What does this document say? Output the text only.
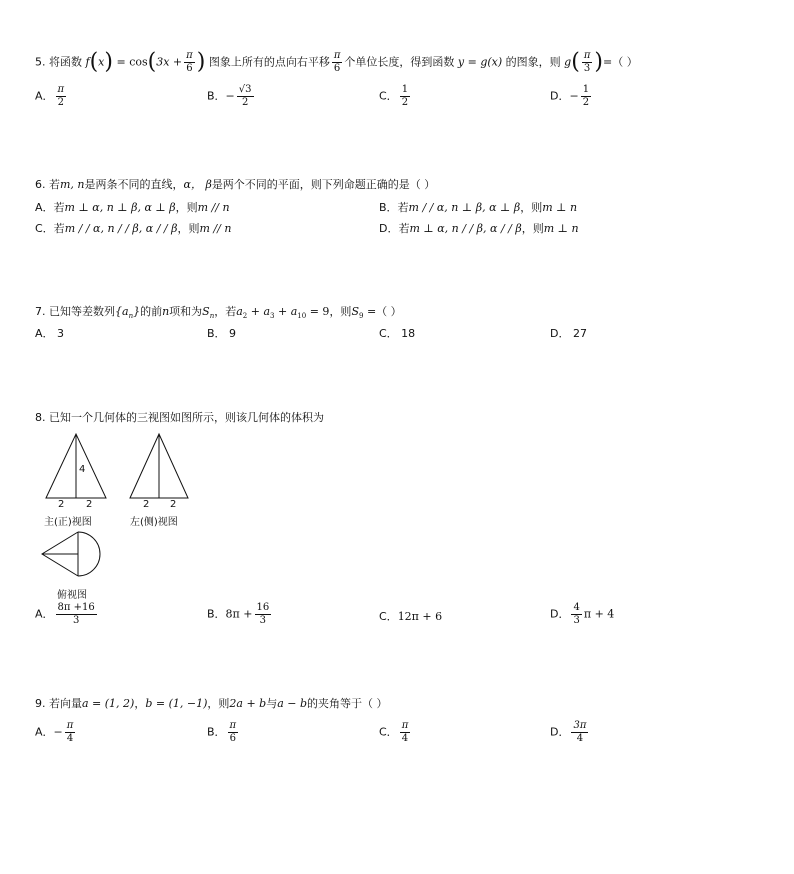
5. 将函数 $f(x) = \cos(3x + \frac{\pi}{6}$ ) 图象上所有的点向右平移 $\frac{\pi}{6}$ 个单位长度，得到函数 y = g(x) 的图象，则 $g( \frac{\pi}{3}$ )=（ ）
A． $\frac{\pi}{2}$	B．− $\frac{√3}{2}$	C． $\frac{1}{2}$	D．− $\frac{1}{2}$
6. 若m, n是两条不同的直线，α， β是两个不同的平面，则下列命题正确的是（ ）
A．若m ⊥ α, n ⊥ β, α ⊥ β，则m // n	B．若m / / α, n ⊥ β, α ⊥ β，则m ⊥ n
C．若m / / α, n / / β, α / / β，则m // n	D．若m ⊥ α, n / / β, α / / β，则m ⊥ n
7. 已知等差数列$\{a_n\}$的前n项和为$S_n$，若$a_2 + a_3 + a_{10} = 9$，则$S_9$ =（ ）
A． 3	B． 9	C． 18	D． 27
8. 已知一个几何体的三视图如图所示，则该几何体的体积为
4
2 2	2 2
主(正)视图	左(侧)视图
俯视图
A． $\frac{8\pi +16}{3}$	B．$8\pi + \frac{16}{3}$	C．12π + 6	D． $\frac{4}{3}$ π + 4
9. 若向量a = (1, 2)，b = (1, −1)，则2a + b与a − b的夹角等于（ ）
A．− $\frac{\pi}{4}$	B． $\frac{\pi}{6}$	C． $\frac{\pi}{4}$	D． $\frac{3\pi}{4}$
